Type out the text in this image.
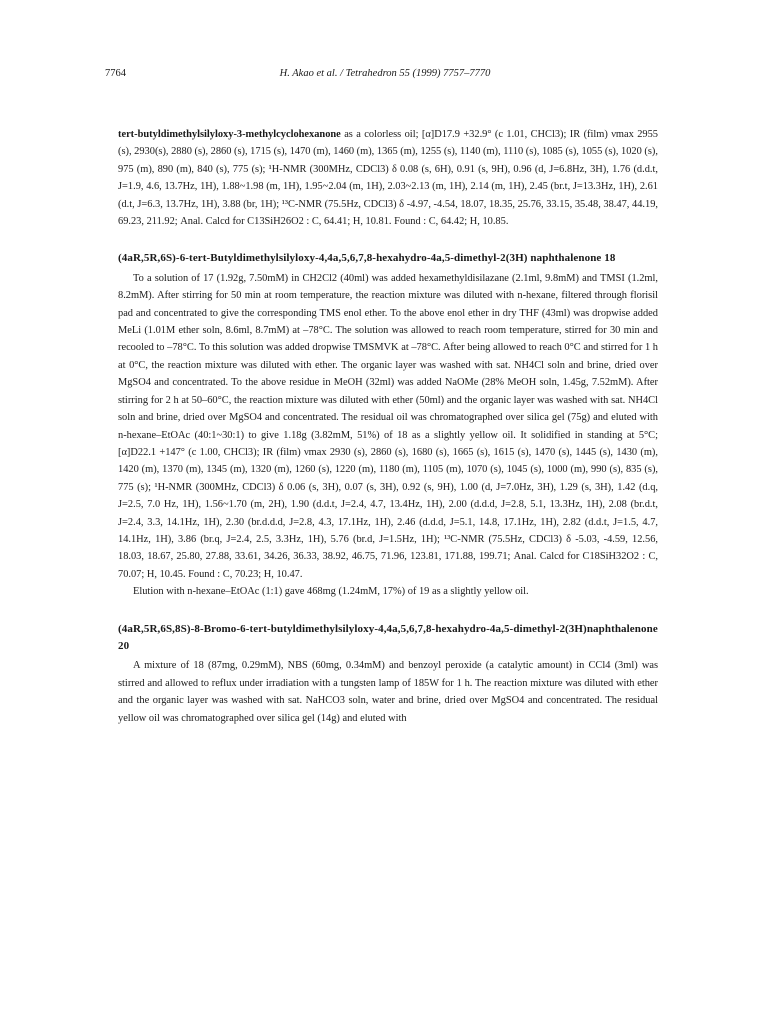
7764	H. Akao et al. / Tetrahedron 55 (1999) 7757–7770

tert-butyldimethylsilyloxy-3-methylcyclohexanone as a colorless oil; [α]D17.9 +32.9° (c 1.01, CHCl3); IR (film) νmax 2955 (s), 2930(s), 2880 (s), 2860 (s), 1715 (s), 1470 (m), 1460 (m), 1365 (m), 1255 (s), 1140 (m), 1110 (s), 1085 (s), 1055 (s), 1020 (s), 975 (m), 890 (m), 840 (s), 775 (s); ¹H-NMR (300MHz, CDCl3) δ 0.08 (s, 6H), 0.91 (s, 9H), 0.96 (d, J=6.8Hz, 3H), 1.76 (d.d.t, J=1.9, 4.6, 13.7Hz, 1H), 1.88~1.98 (m, 1H), 1.95~2.04 (m, 1H), 2.03~2.13 (m, 1H), 2.14 (m, 1H), 2.45 (br.t, J=13.3Hz, 1H), 2.61 (d.t, J=6.3, 13.7Hz, 1H), 3.88 (br, 1H); ¹³C-NMR (75.5Hz, CDCl3) δ -4.97, -4.54, 18.07, 18.35, 25.76, 33.15, 35.48, 38.47, 44.19, 69.23, 211.92; Anal. Calcd for C13SiH26O2 : C, 64.41; H, 10.81. Found : C, 64.42; H, 10.85.

(4aR,5R,6S)-6-tert-Butyldimethylsilyloxy-4,4a,5,6,7,8-hexahydro-4a,5-dimethyl-2(3H) naphthalenone 18

To a solution of 17 (1.92g, 7.50mM) in CH2Cl2 (40ml) was added hexamethyldisilazane (2.1ml, 9.8mM) and TMSI (1.2ml, 8.2mM). After stirring for 50 min at room temperature, the reaction mixture was diluted with n-hexane, filtered through florisil pad and concentrated to give the corresponding TMS enol ether. To the above enol ether in dry THF (43ml) was dropwise added MeLi (1.01M ether soln, 8.6ml, 8.7mM) at –78°C. The solution was allowed to reach room temperature, stirred for 30 min and recooled to –78°C. To this solution was added dropwise TMSMVK at –78°C. After being allowed to reach 0°C and stirred for 1 h at 0°C, the reaction mixture was diluted with ether. The organic layer was washed with sat. NH4Cl soln and brine, dried over MgSO4 and concentrated. To the above residue in MeOH (32ml) was added NaOMe (28% MeOH soln, 1.45g, 7.52mM). After stirring for 2 h at 50–60°C, the reaction mixture was diluted with ether (50ml) and the organic layer was washed with sat. NH4Cl soln and brine, dried over MgSO4 and concentrated. The residual oil was chromatographed over silica gel (75g) and eluted with n-hexane–EtOAc (40:1~30:1) to give 1.18g (3.82mM, 51%) of 18 as a slightly yellow oil. It solidified in standing at 5°C; [α]D22.1 +147° (c 1.00, CHCl3); IR (film) νmax 2930 (s), 2860 (s), 1680 (s), 1665 (s), 1615 (s), 1470 (s), 1445 (s), 1430 (m), 1420 (m), 1370 (m), 1345 (m), 1320 (m), 1260 (s), 1220 (m), 1180 (m), 1105 (m), 1070 (s), 1045 (s), 1000 (m), 990 (s), 835 (s), 775 (s); ¹H-NMR (300MHz, CDCl3) δ 0.06 (s, 3H), 0.07 (s, 3H), 0.92 (s, 9H), 1.00 (d, J=7.0Hz, 3H), 1.29 (s, 3H), 1.42 (d.q, J=2.5, 7.0 Hz, 1H), 1.56~1.70 (m, 2H), 1.90 (d.d.t, J=2.4, 4.7, 13.4Hz, 1H), 2.00 (d.d.d, J=2.8, 5.1, 13.3Hz, 1H), 2.08 (br.d.t, J=2.4, 3.3, 14.1Hz, 1H), 2.30 (br.d.d.d, J=2.8, 4.3, 17.1Hz, 1H), 2.46 (d.d.d, J=5.1, 14.8, 17.1Hz, 1H), 2.82 (d.d.t, J=1.5, 4.7, 14.1Hz, 1H), 3.86 (br.q, J=2.4, 2.5, 3.3Hz, 1H), 5.76 (br.d, J=1.5Hz, 1H); ¹³C-NMR (75.5Hz, CDCl3) δ -5.03, -4.59, 12.56, 18.03, 18.67, 25.80, 27.88, 33.61, 34.26, 36.33, 38.92, 46.75, 71.96, 123.81, 171.88, 199.71; Anal. Calcd for C18SiH32O2 : C, 70.07; H, 10.45. Found : C, 70.23; H, 10.47.

Elution with n-hexane–EtOAc (1:1) gave 468mg (1.24mM, 17%) of 19 as a slightly yellow oil.

(4aR,5R,6S,8S)-8-Bromo-6-tert-butyldimethylsilyloxy-4,4a,5,6,7,8-hexahydro-4a,5-dimethyl-2(3H)naphthalenone 20

A mixture of 18 (87mg, 0.29mM), NBS (60mg, 0.34mM) and benzoyl peroxide (a catalytic amount) in CCl4 (3ml) was stirred and allowed to reflux under irradiation with a tungsten lamp of 185W for 1 h. The reaction mixture was diluted with ether and the organic layer was washed with sat. NaHCO3 soln, water and brine, dried over MgSO4 and concentrated. The residual yellow oil was chromatographed over silica gel (14g) and eluted with
